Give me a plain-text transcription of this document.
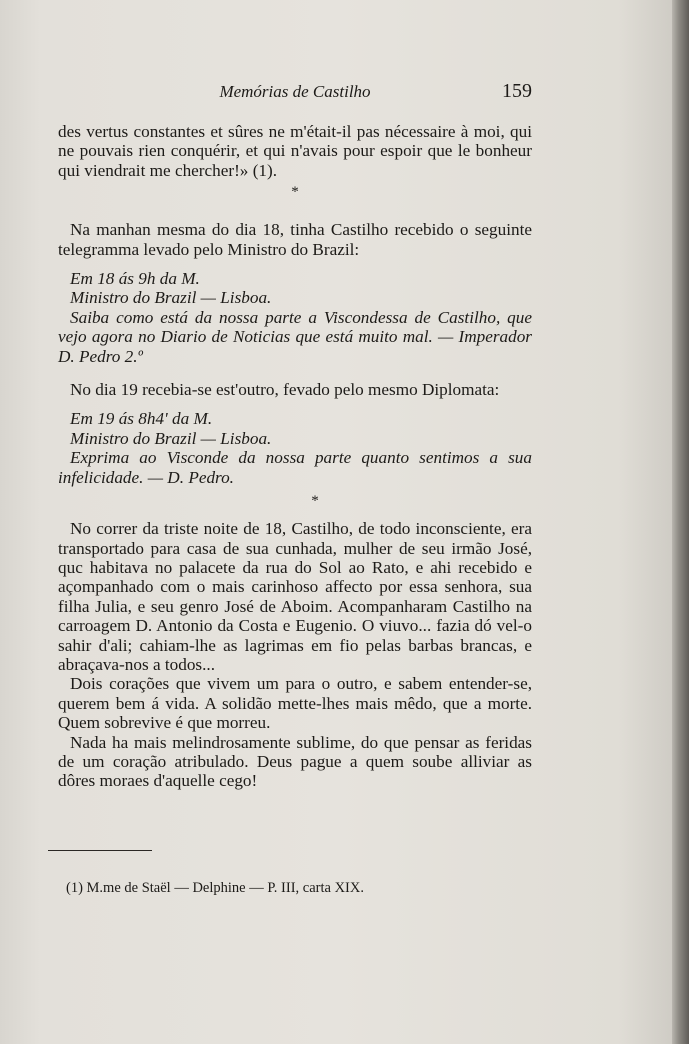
Memórias de Castilho	159

des vertus constantes et sûres ne m'était-il pas nécessaire à moi, qui ne pouvais rien conquérir, et qui n'avais pour espoir que le bonheur qui viendrait me chercher!» (1).

*

Na manhan mesma do dia 18, tinha Castilho recebido o seguinte telegramma levado pelo Ministro do Brazil:

Em 18 ás 9h da M.

Ministro do Brazil — Lisboa.

Saiba como está da nossa parte a Viscondessa de Castilho, que vejo agora no Diario de Noticias que está muito mal. — Imperador D. Pedro 2.º

No dia 19 recebia-se est'outro, fevado pelo mesmo Diplomata:

Em 19 ás 8h4' da M.

Ministro do Brazil — Lisboa.

Exprima ao Visconde da nossa parte quanto sentimos a sua infelicidade. — D. Pedro.

*

No correr da triste noite de 18, Castilho, de todo inconsciente, era transportado para casa de sua cunhada, mulher de seu irmão José, quc habitava no palacete da rua do Sol ao Rato, e ahi recebido e açompanhado com o mais carinhoso affecto por essa senhora, sua filha Julia, e seu genro José de Aboim. Acompanharam Castilho na carroagem D. Antonio da Costa e Eugenio. O viuvo... fazia dó vel-o sahir d'ali; cahiam-lhe as lagrimas em fio pelas barbas brancas, e abraçava-nos a todos...

Dois corações que vivem um para o outro, e sabem entender-se, querem bem á vida. A solidão mette-lhes mais mêdo, que a morte. Quem sobrevive é que morreu.

Nada ha mais melindrosamente sublime, do que pensar as feridas de um coração atribulado. Deus pague a quem soube alliviar as dôres moraes d'aquelle cego!

(1) M.me de Staël — Delphine — P. III, carta XIX.
